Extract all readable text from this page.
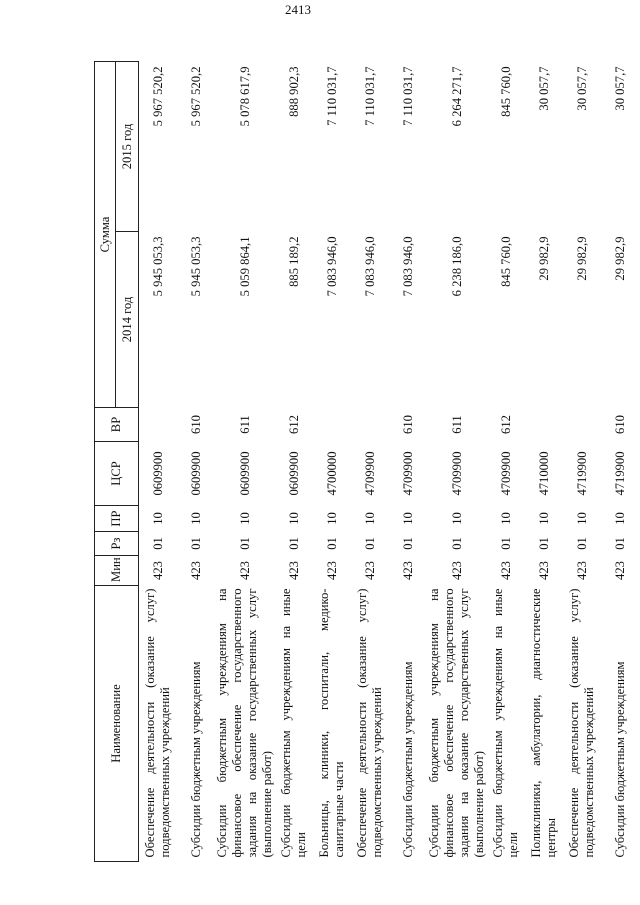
2413
Наименование	Мин	Рз	ПР	ЦСР	ВР	Сумма	
						2014 год	2015 год
Обеспечение деятельности (оказание услуг) подведомственных учреждений	423	01	10	0609900		5 945 053,3	5 967 520,2
Субсидии бюджетным учреждениям	423	01	10	0609900	610	5 945 053,3	5 967 520,2
Субсидии бюджетным учреждениям на финансовое обеспечение государственного задания на оказание государственных услуг (выполнение работ)	423	01	10	0609900	611	5 059 864,1	5 078 617,9
Субсидии бюджетным учреждениям на иные цели	423	01	10	0609900	612	885 189,2	888 902,3
Больницы, клиники, госпитали, медико-санитарные части	423	01	10	4700000		7 083 946,0	7 110 031,7
Обеспечение деятельности (оказание услуг) подведомственных учреждений	423	01	10	4709900		7 083 946,0	7 110 031,7
Субсидии бюджетным учреждениям	423	01	10	4709900	610	7 083 946,0	7 110 031,7
Субсидии бюджетным учреждениям на финансовое обеспечение государственного задания на оказание государственных услуг (выполнение работ)	423	01	10	4709900	611	6 238 186,0	6 264 271,7
Субсидии бюджетным учреждениям на иные цели	423	01	10	4709900	612	845 760,0	845 760,0
Поликлиники, амбулатории, диагностические центры	423	01	10	4710000		29 982,9	30 057,7
Обеспечение деятельности (оказание услуг) подведомственных учреждений	423	01	10	4719900		29 982,9	30 057,7
Субсидии бюджетным учреждениям	423	01	10	4719900	610	29 982,9	30 057,7
